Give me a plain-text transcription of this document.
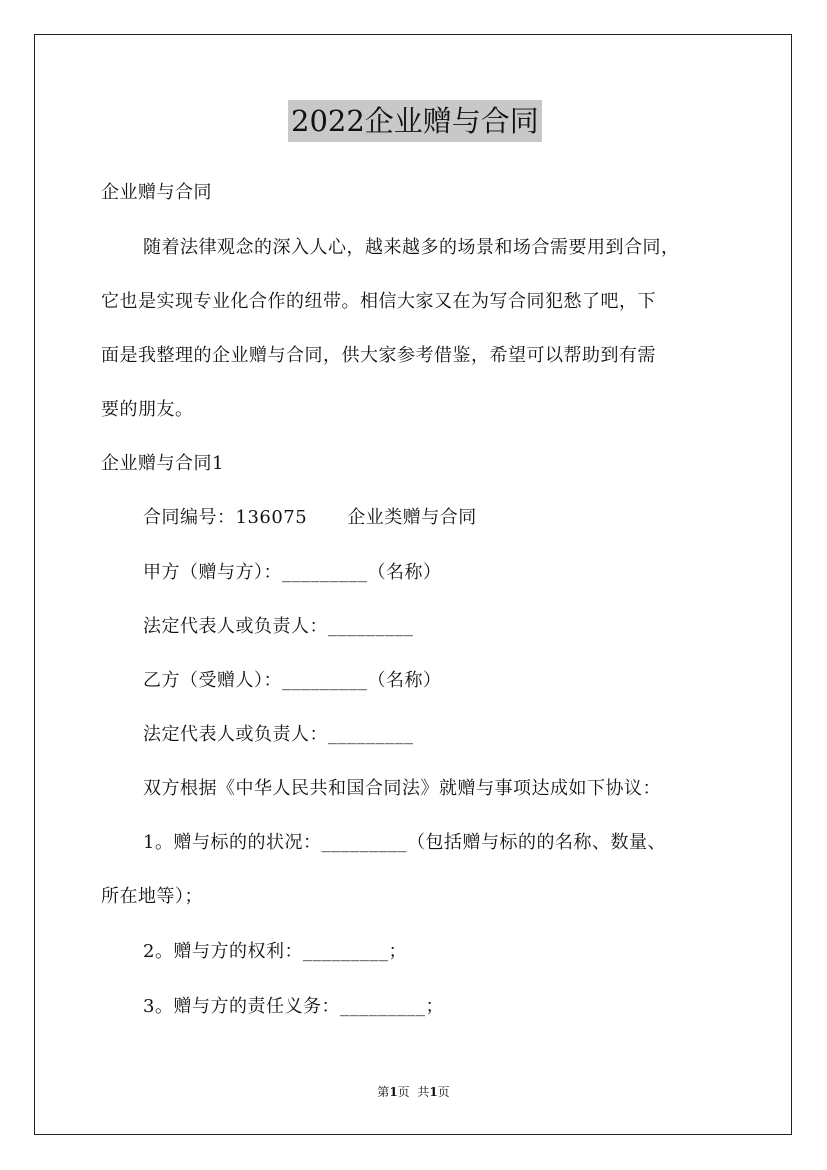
2022企业赠与合同
企业赠与合同
随着法律观念的深入人心，越来越多的场景和场合需要用到合同，
它也是实现专业化合作的纽带。相信大家又在为写合同犯愁了吧，下
面是我整理的企业赠与合同，供大家参考借鉴，希望可以帮助到有需
要的朋友。
企业赠与合同1
合同编号：136075 企业类赠与合同
甲方（赠与方）：_________（名称）
法定代表人或负责人：_________
乙方（受赠人）：_________（名称）
法定代表人或负责人：_________
双方根据《中华人民共和国合同法》就赠与事项达成如下协议：
1。赠与标的的状况：_________（包括赠与标的的名称、数量、
所在地等）；
2。赠与方的权利：_________；
3。赠与方的责任义务：_________；
第1页  共1页
